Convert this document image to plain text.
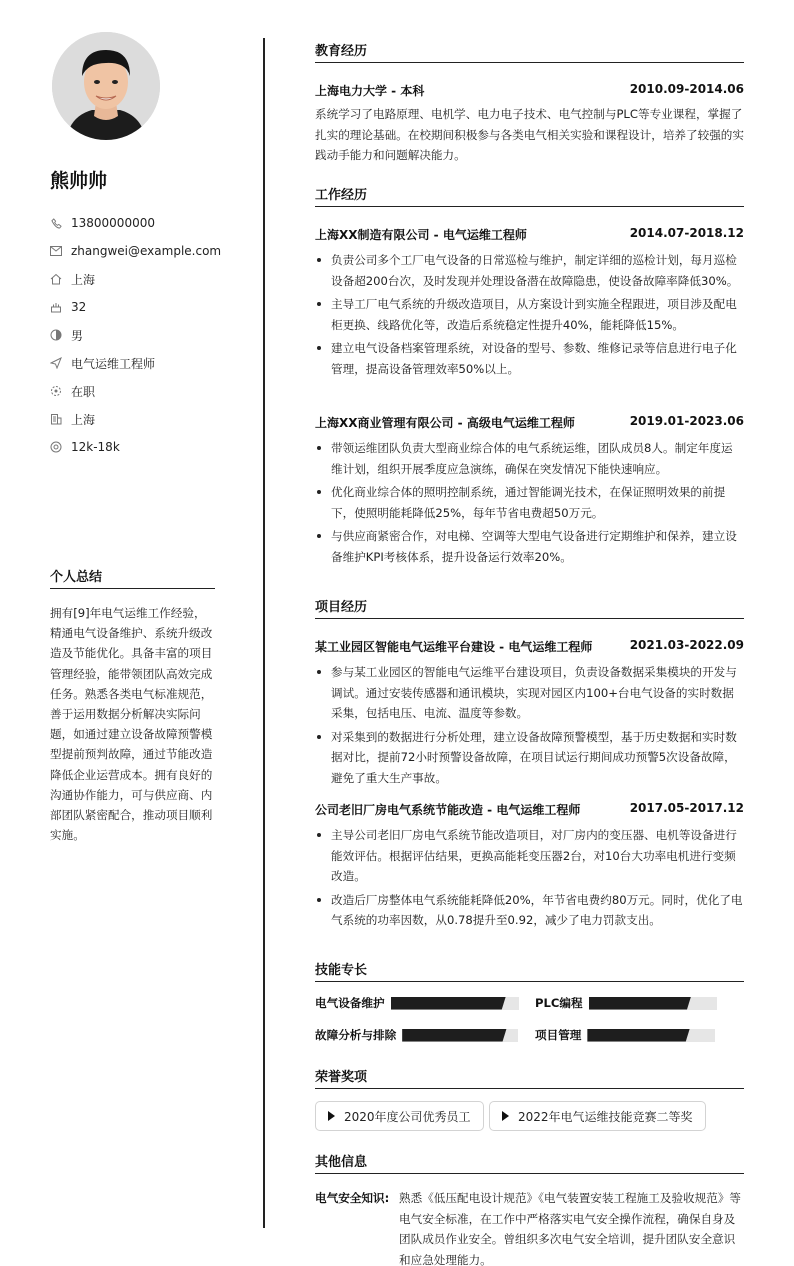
熊帅帅
13800000000
zhangwei@example.com
上海
32
男
电气运维工程师
在职
上海
12k-18k
个人总结
拥有[9]年电气运维工作经验，精通电气设备维护、系统升级改造及节能优化。具备丰富的项目管理经验，能带领团队高效完成任务。熟悉各类电气标准规范，善于运用数据分析解决实际问题，如通过建立设备故障预警模型提前预判故障，通过节能改造降低企业运营成本。拥有良好的沟通协作能力，可与供应商、内部团队紧密配合，推动项目顺利实施。
教育经历
上海电力大学 - 本科	2010.09-2014.06
系统学习了电路原理、电机学、电力电子技术、电气控制与PLC等专业课程，掌握了扎实的理论基础。在校期间积极参与各类电气相关实验和课程设计，培养了较强的实践动手能力和问题解决能力。
工作经历
上海XX制造有限公司 - 电气运维工程师	2014.07-2018.12
负责公司多个工厂电气设备的日常巡检与维护，制定详细的巡检计划，每月巡检设备超200台次，及时发现并处理设备潜在故障隐患，使设备故障率降低30%。
主导工厂电气系统的升级改造项目，从方案设计到实施全程跟进，项目涉及配电柜更换、线路优化等，改造后系统稳定性提升40%，能耗降低15%。
建立电气设备档案管理系统，对设备的型号、参数、维修记录等信息进行电子化管理，提高设备管理效率50%以上。
上海XX商业管理有限公司 - 高级电气运维工程师	2019.01-2023.06
带领运维团队负责大型商业综合体的电气系统运维，团队成员8人。制定年度运维计划，组织开展季度应急演练，确保在突发情况下能快速响应。
优化商业综合体的照明控制系统，通过智能调光技术，在保证照明效果的前提下，使照明能耗降低25%，每年节省电费超50万元。
与供应商紧密合作，对电梯、空调等大型电气设备进行定期维护和保养，建立设备维护KPI考核体系，提升设备运行效率20%。
项目经历
某工业园区智能电气运维平台建设 - 电气运维工程师	2021.03-2022.09
参与某工业园区的智能电气运维平台建设项目，负责设备数据采集模块的开发与调试。通过安装传感器和通讯模块，实现对园区内100+台电气设备的实时数据采集，包括电压、电流、温度等参数。
对采集到的数据进行分析处理，建立设备故障预警模型，基于历史数据和实时数据对比，提前72小时预警设备故障，在项目试运行期间成功预警5次设备故障，避免了重大生产事故。
公司老旧厂房电气系统节能改造 - 电气运维工程师	2017.05-2017.12
主导公司老旧厂房电气系统节能改造项目，对厂房内的变压器、电机等设备进行能效评估。根据评估结果，更换高能耗变压器2台，对10台大功率电机进行变频改造。
改造后厂房整体电气系统能耗降低20%，年节省电费约80万元。同时，优化了电气系统的功率因数，从0.78提升至0.92，减少了电力罚款支出。
技能专长
电气设备维护	PLC编程
故障分析与排除	项目管理
荣誉奖项
2020年度公司优秀员工	2022年电气运维技能竞赛二等奖
其他信息
电气安全知识: 熟悉《低压配电设计规范》《电气装置安装工程施工及验收规范》等电气安全标准，在工作中严格落实电气安全操作流程，确保自身及团队成员作业安全。曾组织多次电气安全培训，提升团队安全意识和应急处理能力。
